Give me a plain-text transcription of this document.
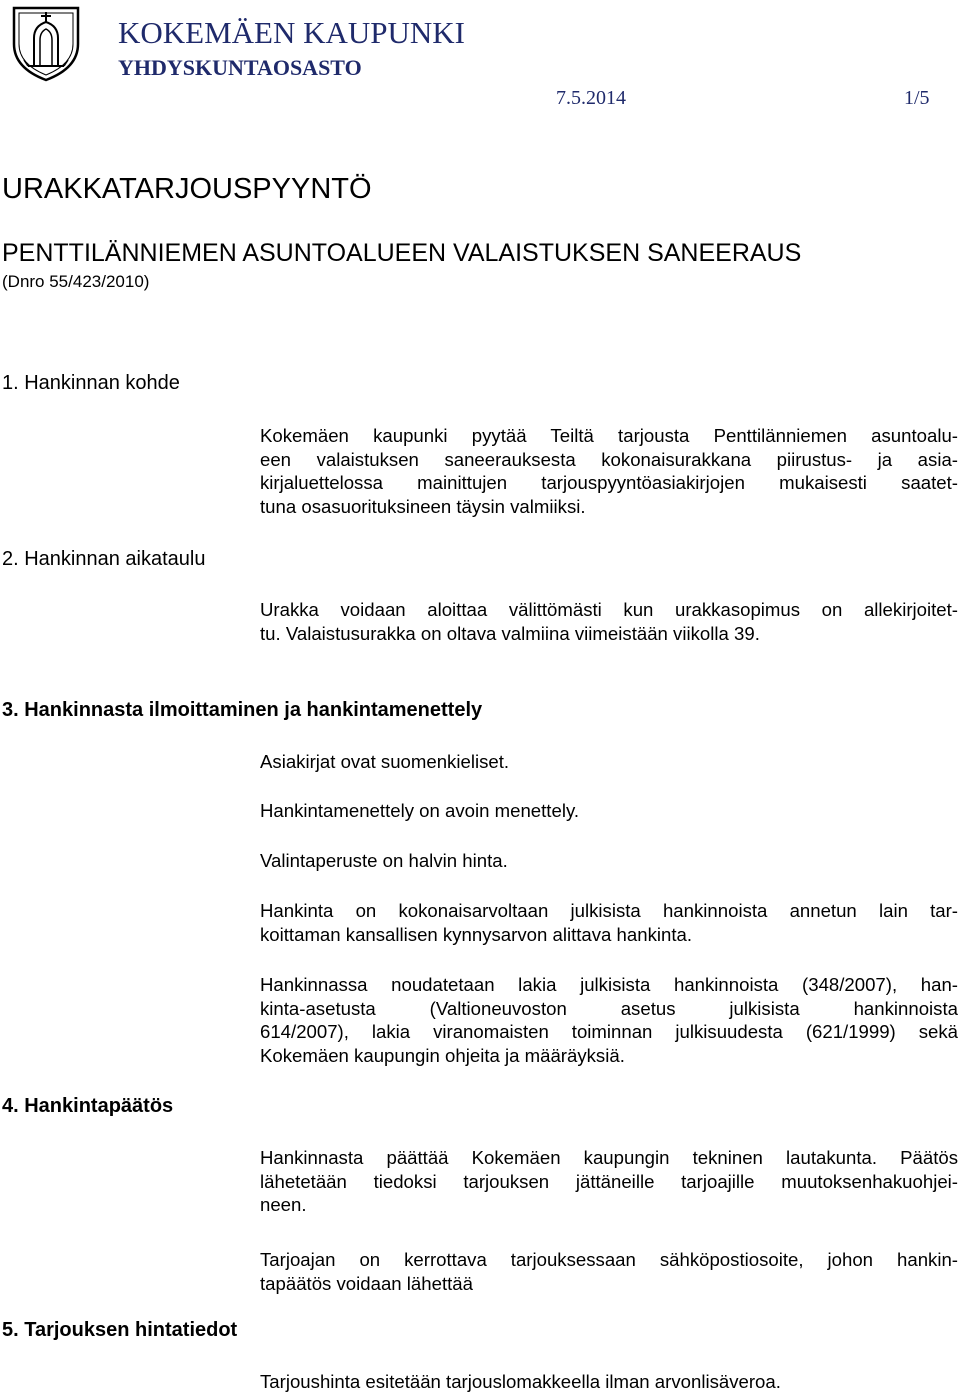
KOKEMÄEN KAUPUNKI
YHDYSKUNTAOSASTO
7.5.2014	1/5
URAKKATARJOUSPYYNTÖ
PENTTILÄNNIEMEN ASUNTOALUEEN VALAISTUKSEN SANEERAUS
(Dnro 55/423/2010)
1. Hankinnan kohde
2. Hankinnan aikataulu
3. Hankinnasta ilmoittaminen ja hankintamenettely
4. Hankintapäätös
5. Tarjouksen hintatiedot
Kokemäen kaupunki pyytää Teiltä tarjousta Penttilänniemen asuntoalu-
een valaistuksen saneerauksesta kokonaisurakkana piirustus- ja asia-
kirjaluettelossa mainittujen tarjouspyyntöasiakirjojen mukaisesti saatet-
tuna osasuorituksineen täysin valmiiksi.
Urakka voidaan aloittaa välittömästi kun urakkasopimus on allekirjoitet-
tu. Valaistusurakka on oltava valmiina viimeistään viikolla 39.
Asiakirjat ovat suomenkieliset.
Hankintamenettely on avoin menettely.
Valintaperuste on halvin hinta.
Hankinta on kokonaisarvoltaan julkisista hankinnoista annetun lain tar-
koittaman kansallisen kynnysarvon alittava hankinta.
Hankinnassa noudatetaan lakia julkisista hankinnoista (348/2007), han-
kinta-asetusta (Valtioneuvoston asetus julkisista hankinnoista
614/2007), lakia viranomaisten toiminnan julkisuudesta (621/1999) sekä
Kokemäen kaupungin ohjeita ja määräyksiä.
Hankinnasta päättää Kokemäen kaupungin tekninen lautakunta. Päätös
lähetetään tiedoksi tarjouksen jättäneille tarjoajille muutoksenhakuohjei-
neen.
Tarjoajan on kerrottava tarjouksessaan sähköpostiosoite, johon hankin-
tapäätös voidaan lähettää
Tarjoushinta esitetään tarjouslomakkeella ilman arvonlisäveroa.
